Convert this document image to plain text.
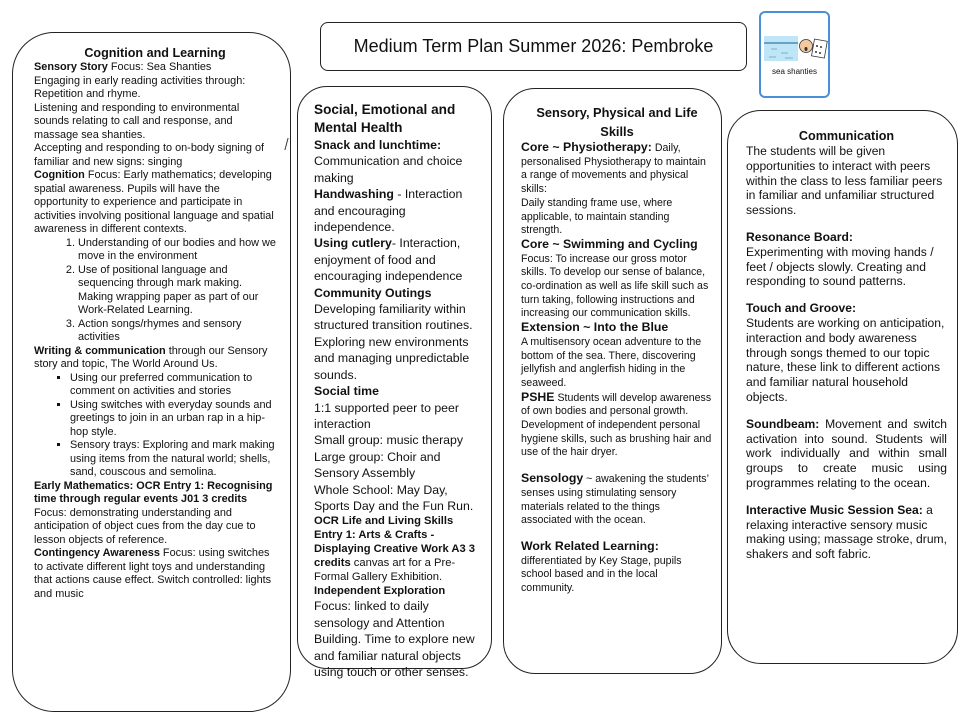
Medium Term Plan Summer 2026: Pembroke
sea shanties
Cognition and Learning
Sensory Story Focus: Sea Shanties
Engaging in early reading activities through: Repetition and rhyme.
Listening and responding to environmental sounds relating to call and response, and massage sea shanties.
Accepting and responding to on-body signing of familiar and new signs: singing
Cognition Focus: Early mathematics; developing spatial awareness. Pupils will have the opportunity to experience and participate in activities involving positional language and spatial awareness in different contexts.
1. Understanding of our bodies and how we move in the environment
2. Use of positional language and sequencing through mark making. Making wrapping paper as part of our Work-Related Learning.
3. Action songs/rhymes and sensory activities
Writing & communication through our Sensory story and topic, The World Around Us.
▪ Using our preferred communication to comment on activities and stories
▪ Using switches with everyday sounds and greetings to join in an urban rap in a hip-hop style.
▪ Sensory trays: Exploring and mark making using items from the natural world; shells, sand, couscous and semolina.
Early Mathematics: OCR Entry 1: Recognising time through regular events J01 3 credits Focus: demonstrating understanding and anticipation of object cues from the day cue to lesson objects of reference.
Contingency Awareness Focus: using switches to activate different light toys and understanding that actions cause effect. Switch controlled: lights and music
Social, Emotional and Mental Health
Snack and lunchtime:
Communication and choice making
Handwashing - Interaction and encouraging independence.
Using cutlery- Interaction, enjoyment of food and encouraging independence
Community Outings
Developing familiarity within structured transition routines. Exploring new environments and managing unpredictable sounds.
Social time
1:1 supported peer to peer interaction
Small group: music therapy
Large group: Choir and Sensory Assembly
Whole School: May Day, Sports Day and the Fun Run.
OCR Life and Living Skills Entry 1: Arts & Crafts - Displaying Creative Work A3 3 credits canvas art for a Pre-Formal Gallery Exhibition.
Independent Exploration
Focus: linked to daily sensology and Attention Building. Time to explore new and familiar natural objects using touch or other senses.
Sensory, Physical and Life Skills
Core ~ Physiotherapy: Daily, personalised Physiotherapy to maintain a range of movements and physical skills:
Daily standing frame use, where applicable, to maintain standing strength.
Core ~ Swimming and Cycling
Focus: To increase our gross motor skills. To develop our sense of balance, co-ordination as well as life skill such as turn taking, following instructions and increasing our communication skills.
Extension ~ Into the Blue
A multisensory ocean adventure to the bottom of the sea. There, discovering jellyfish and anglerfish hiding in the seaweed.
PSHE Students will develop awareness of own bodies and personal growth.
Development of independent personal hygiene skills, such as brushing hair and use of the hair dryer.
Sensology ~ awakening the students’ senses using stimulating sensory materials related to the things associated with the ocean.
Work Related Learning:
differentiated by Key Stage, pupils school based and in the local community.
Communication
The students will be given opportunities to interact with peers within the class to less familiar peers in familiar and unfamiliar structured sessions.
Resonance Board:
Experimenting with moving hands / feet / objects slowly. Creating and responding to sound patterns.
Touch and Groove:
Students are working on anticipation, interaction and body awareness through songs themed to our topic nature, these link to different actions and familiar natural household objects.
Soundbeam: Movement and switch activation into sound. Students will work individually and within small groups to create music using programmes relating to the ocean.
Interactive Music Session Sea: a relaxing interactive sensory music making using; massage stroke, drum, shakers and soft fabric.
